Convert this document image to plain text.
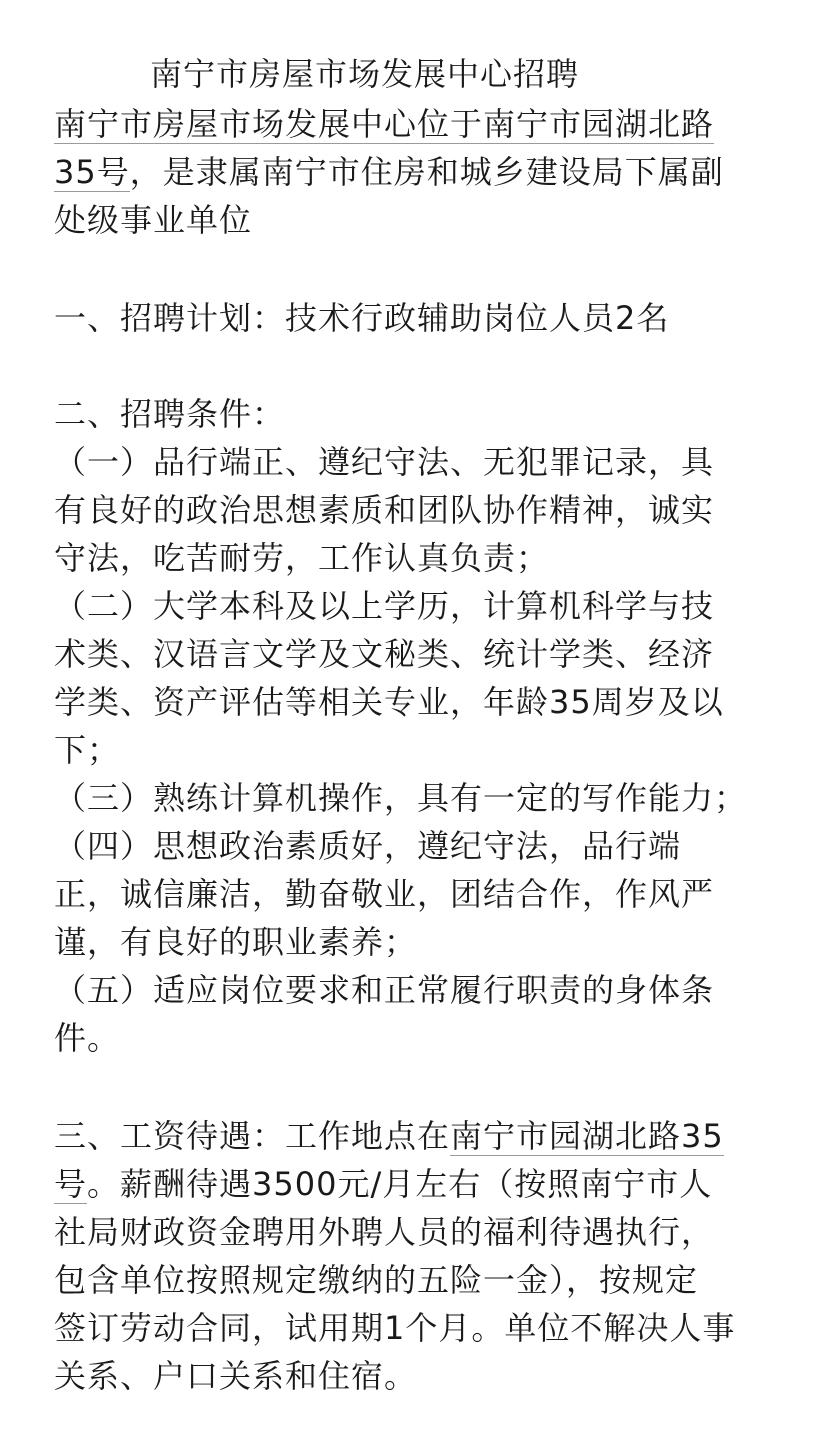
南宁市房屋市场发展中心招聘
南宁市房屋市场发展中心位于南宁市园湖北路
35号，是隶属南宁市住房和城乡建设局下属副
处级事业单位
一、招聘计划：技术行政辅助岗位人员2名
二、招聘条件：
（一）品行端正、遵纪守法、无犯罪记录，具
有良好的政治思想素质和团队协作精神，诚实
守法，吃苦耐劳，工作认真负责；
（二）大学本科及以上学历，计算机科学与技
术类、汉语言文学及文秘类、统计学类、经济
学类、资产评估等相关专业，年龄35周岁及以
下；
（三）熟练计算机操作，具有一定的写作能力；
（四）思想政治素质好，遵纪守法，品行端
正，诚信廉洁，勤奋敬业，团结合作，作风严
谨，有良好的职业素养；
（五）适应岗位要求和正常履行职责的身体条
件。
三、工资待遇：工作地点在南宁市园湖北路35
号。薪酬待遇3500元/月左右（按照南宁市人
社局财政资金聘用外聘人员的福利待遇执行，
包含单位按照规定缴纳的五险一金），按规定
签订劳动合同，试用期1个月。单位不解决人事
关系、户口关系和住宿。
